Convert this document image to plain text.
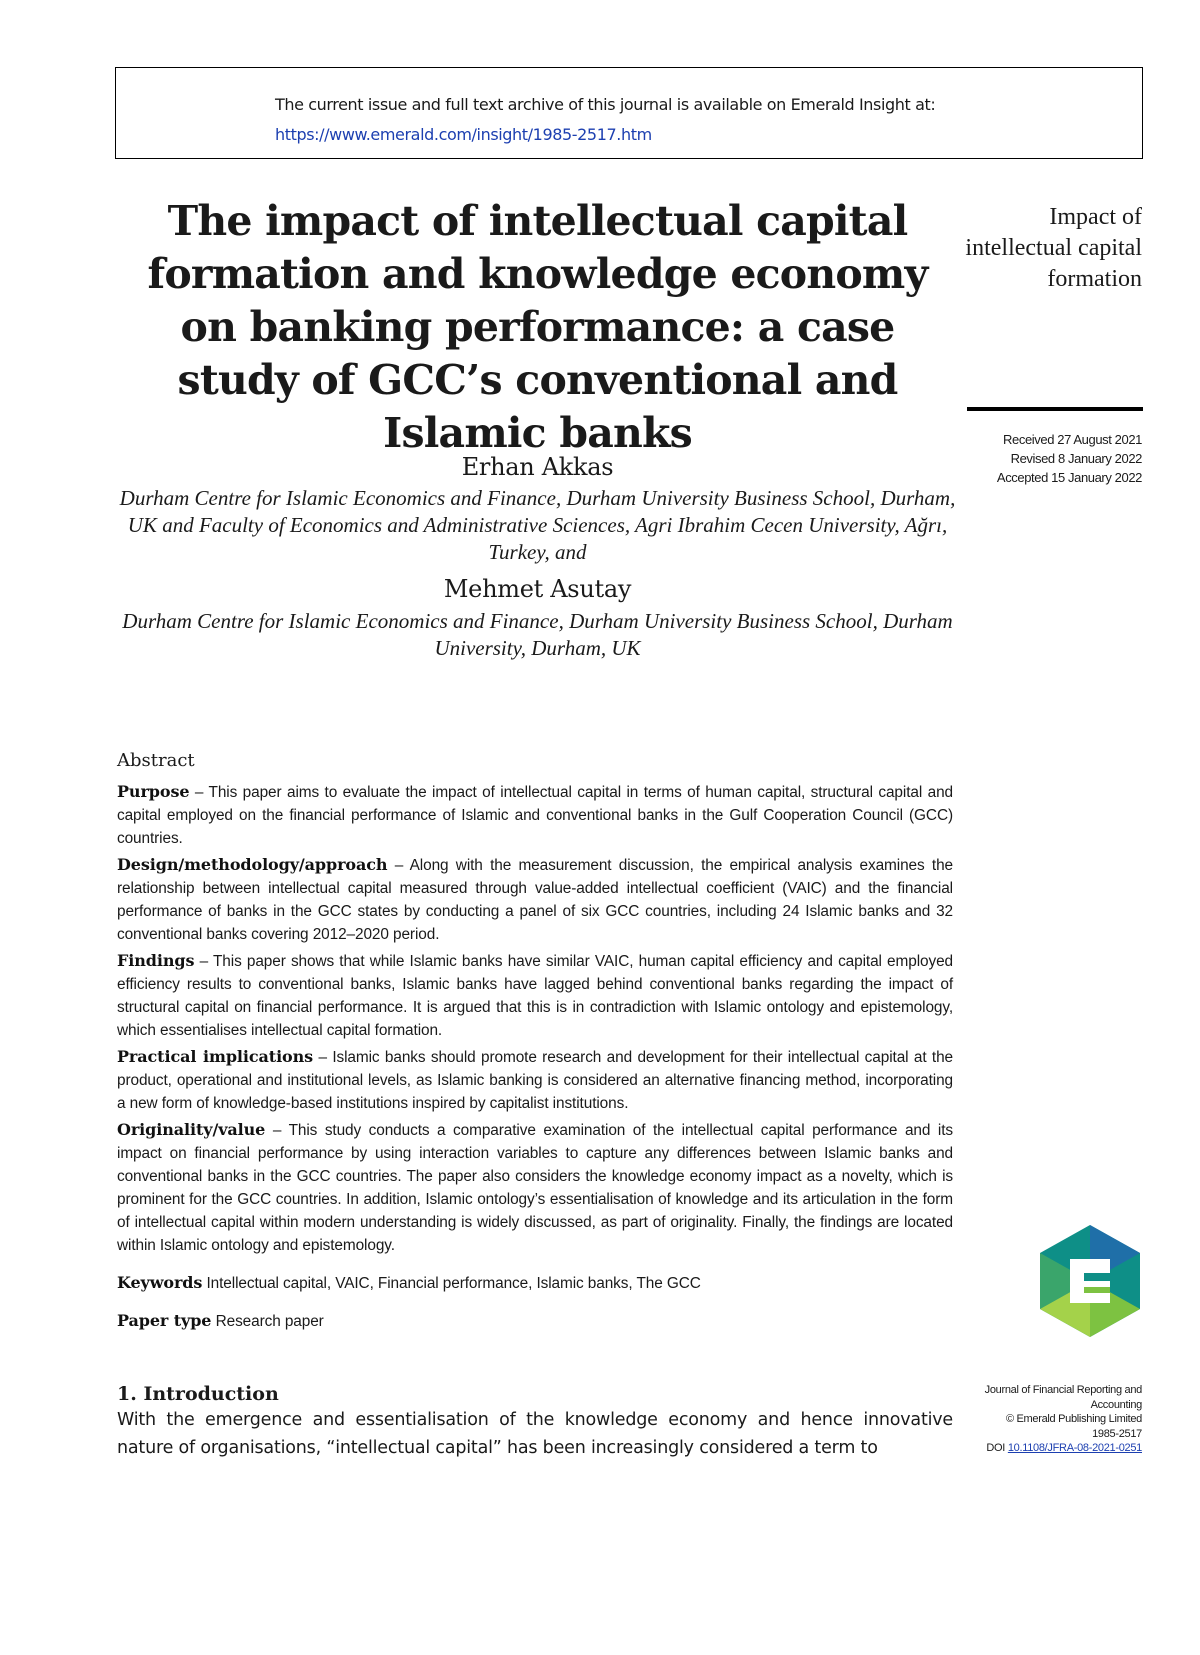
The current issue and full text archive of this journal is available on Emerald Insight at:
https://www.emerald.com/insight/1985-2517.htm
The impact of intellectual capital formation and knowledge economy on banking performance: a case study of GCC’s conventional and Islamic banks
Erhan Akkas
Durham Centre for Islamic Economics and Finance, Durham University Business School, Durham, UK and Faculty of Economics and Administrative Sciences, Agri Ibrahim Cecen University, Ağrı, Turkey, and
Mehmet Asutay
Durham Centre for Islamic Economics and Finance, Durham University Business School, Durham University, Durham, UK
Impact of intellectual capital formation
Received 27 August 2021
Revised 8 January 2022
Accepted 15 January 2022
Abstract

Purpose – This paper aims to evaluate the impact of intellectual capital in terms of human capital, structural capital and capital employed on the financial performance of Islamic and conventional banks in the Gulf Cooperation Council (GCC) countries.

Design/methodology/approach – Along with the measurement discussion, the empirical analysis examines the relationship between intellectual capital measured through value-added intellectual coefficient (VAIC) and the financial performance of banks in the GCC states by conducting a panel of six GCC countries, including 24 Islamic banks and 32 conventional banks covering 2012–2020 period.

Findings – This paper shows that while Islamic banks have similar VAIC, human capital efficiency and capital employed efficiency results to conventional banks, Islamic banks have lagged behind conventional banks regarding the impact of structural capital on financial performance. It is argued that this is in contradiction with Islamic ontology and epistemology, which essentialises intellectual capital formation.

Practical implications – Islamic banks should promote research and development for their intellectual capital at the product, operational and institutional levels, as Islamic banking is considered an alternative financing method, incorporating a new form of knowledge-based institutions inspired by capitalist institutions.

Originality/value – This study conducts a comparative examination of the intellectual capital performance and its impact on financial performance by using interaction variables to capture any differences between Islamic banks and conventional banks in the GCC countries. The paper also considers the knowledge economy impact as a novelty, which is prominent for the GCC countries. In addition, Islamic ontology’s essentialisation of knowledge and its articulation in the form of intellectual capital within modern understanding is widely discussed, as part of originality. Finally, the findings are located within Islamic ontology and epistemology.

Keywords Intellectual capital, VAIC, Financial performance, Islamic banks, The GCC

Paper type Research paper

1. Introduction
With the emergence and essentialisation of the knowledge economy and hence innovative nature of organisations, “intellectual capital” has been increasingly considered a term to
Journal of Financial Reporting and Accounting
© Emerald Publishing Limited
1985-2517
DOI 10.1108/JFRA-08-2021-0251
